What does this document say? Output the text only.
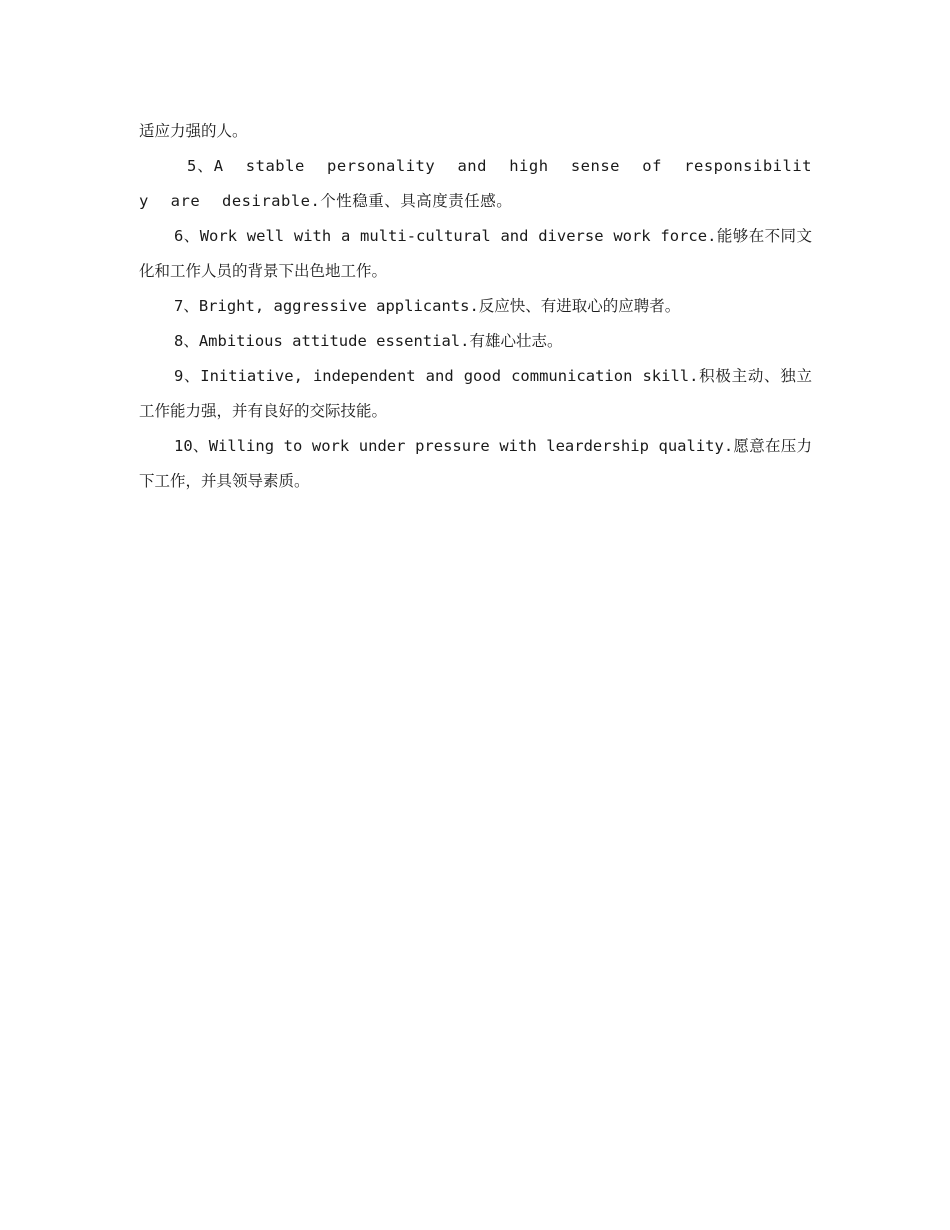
适应力强的人。

5、A stable personality and high sense of responsibility are desirable.个性稳重、具高度责任感。

6、Work well with a multi-cultural and diverse work force.能够在不同文化和工作人员的背景下出色地工作。

7、Bright, aggressive applicants.反应快、有进取心的应聘者。

8、Ambitious attitude essential.有雄心壮志。

9、Initiative, independent and good communication skill.积极主动、独立工作能力强，并有良好的交际技能。

10、Willing to work under pressure with leardership quality.愿意在压力下工作，并具领导素质。
